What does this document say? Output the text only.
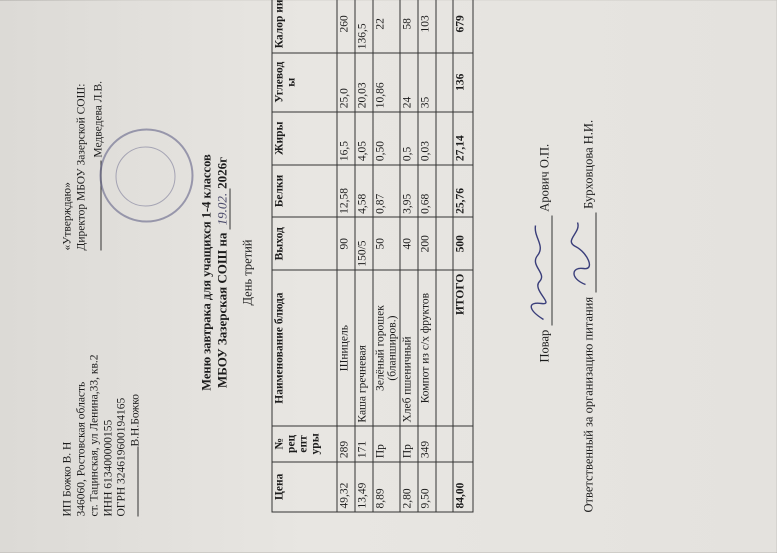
ИП Божко В. Н 346060, Ростовская область ст. Тацинская, ул Ленина,33, кв.2 ИНН 613400000155 ОГРН 324619600194165 В.Н.Божко
«Утверждаю» Директор МБОУ Зазерской СОШ: Медведева Л.В.
Меню завтрака для учащихся 1-4 классов МБОУ Зазерская СОШ на 19.02.2026г
День третий
Цена	№ рец епт уры	Наименование блюда	Выход	Белки	Жиры	Углевод ы	Калор ии
49,32	289	Шницель	90	12,58	16,5	25,0	260
13,49	171	Каша гречневая	150/5	4,58	4,05	20,03	136,5
8,89	Пр	Зелёный горошек (бланширов.)	50	0,87	0,50	10,86	22
2,80	Пр	Хлеб пшеничный	40	3,95	0,5	24	58
9,50	349	Компот из с/х фруктов	200	0,68	0,03	35	103

84,00		ИТОГО	500	25,76	27,14	136	679
Повар
Арович О.П.
Ответственный за организацию питания
Бурховцова Н.И.
